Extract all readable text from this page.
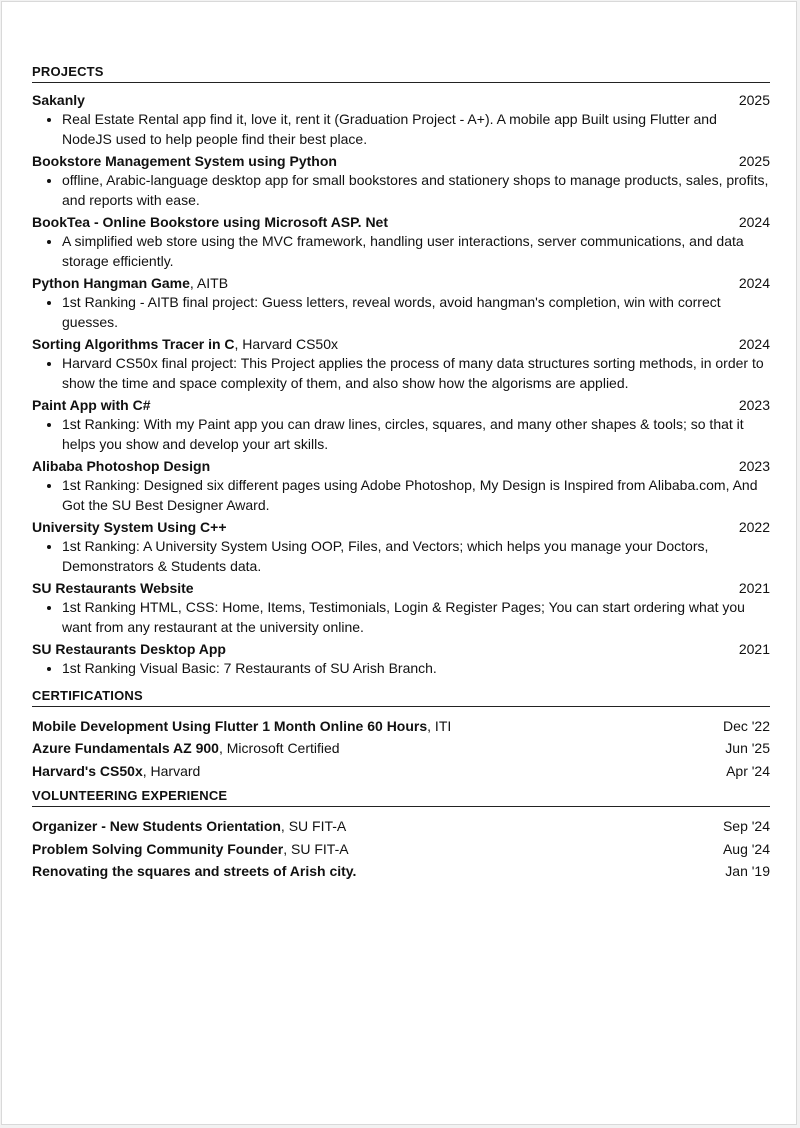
PROJECTS
Sakanly	2025
• Real Estate Rental app find it, love it, rent it (Graduation Project - A+). A mobile app Built using Flutter and NodeJS used to help people find their best place.
Bookstore Management System using Python	2025
• offline, Arabic-language desktop app for small bookstores and stationery shops to manage products, sales, profits, and reports with ease.
BookTea - Online Bookstore using Microsoft ASP. Net	2024
• A simplified web store using the MVC framework, handling user interactions, server communications, and data storage efficiently.
Python Hangman Game, AITB	2024
• 1st Ranking - AITB final project: Guess letters, reveal words, avoid hangman's completion, win with correct guesses.
Sorting Algorithms Tracer in C, Harvard CS50x	2024
• Harvard CS50x final project: This Project applies the process of many data structures sorting methods, in order to show the time and space complexity of them, and also show how the algorisms are applied.
Paint App with C#	2023
• 1st Ranking: With my Paint app you can draw lines, circles, squares, and many other shapes & tools; so that it helps you show and develop your art skills.
Alibaba Photoshop Design	2023
• 1st Ranking: Designed six different pages using Adobe Photoshop, My Design is Inspired from Alibaba.com, And Got the SU Best Designer Award.
University System Using C++	2022
• 1st Ranking: A University System Using OOP, Files, and Vectors; which helps you manage your Doctors, Demonstrators & Students data.
SU Restaurants Website	2021
• 1st Ranking HTML, CSS: Home, Items, Testimonials, Login & Register Pages; You can start ordering what you want from any restaurant at the university online.
SU Restaurants Desktop App	2021
• 1st Ranking Visual Basic: 7 Restaurants of SU Arish Branch.
CERTIFICATIONS
Mobile Development Using Flutter 1 Month Online 60 Hours, ITI	Dec '22
Azure Fundamentals AZ 900, Microsoft Certified	Jun '25
Harvard's CS50x, Harvard	Apr '24
VOLUNTEERING EXPERIENCE
Organizer - New Students Orientation, SU FIT-A	Sep '24
Problem Solving Community Founder, SU FIT-A	Aug '24
Renovating the squares and streets of Arish city.	Jan '19
